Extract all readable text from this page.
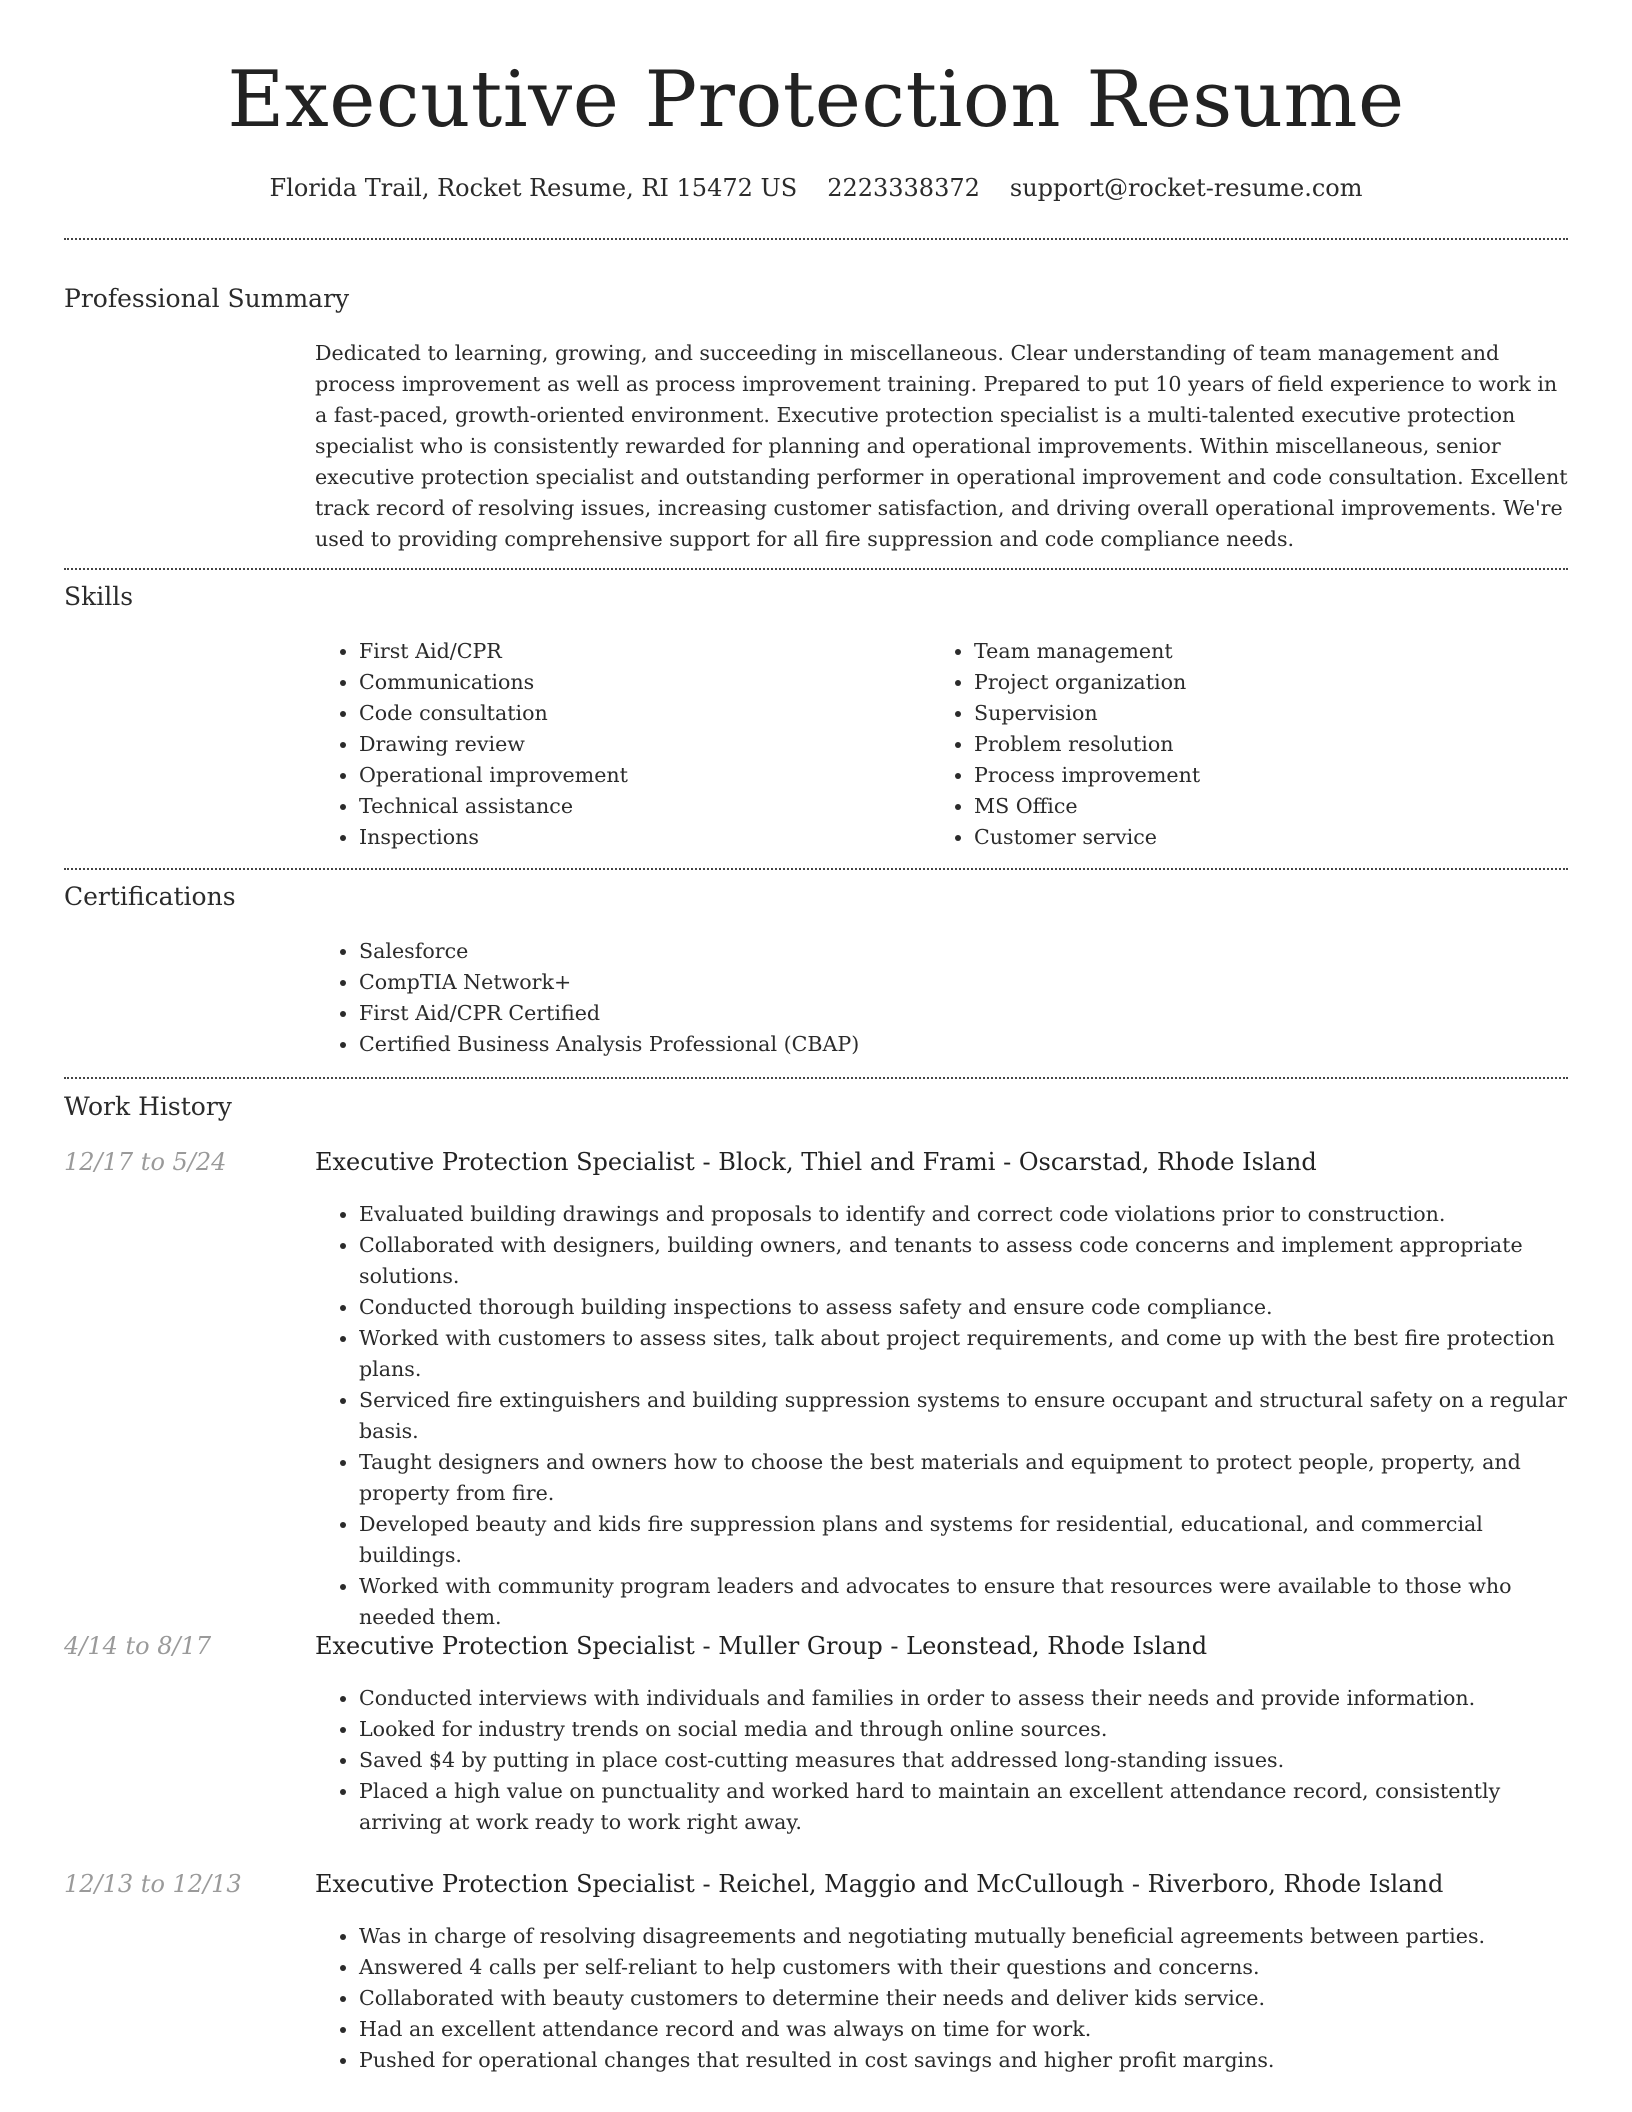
Executive Protection Resume
Florida Trail, Rocket Resume, RI 15472 US 2223338372 support@rocket-resume.com
Professional Summary

Dedicated to learning, growing, and succeeding in miscellaneous. Clear understanding of team management and process improvement as well as process improvement training. Prepared to put 10 years of field experience to work in a fast-paced, growth-oriented environment. Executive protection specialist is a multi-talented executive protection specialist who is consistently rewarded for planning and operational improvements. Within miscellaneous, senior executive protection specialist and outstanding performer in operational improvement and code consultation. Excellent track record of resolving issues, increasing customer satisfaction, and driving overall operational improvements. We're used to providing comprehensive support for all fire suppression and code compliance needs.

Skills
• First Aid/CPR
• Communications
• Code consultation
• Drawing review
• Operational improvement
• Technical assistance
• Inspections
• Team management
• Project organization
• Supervision
• Problem resolution
• Process improvement
• MS Office
• Customer service
Certifications
• Salesforce
• CompTIA Network+
• First Aid/CPR Certified
• Certified Business Analysis Professional (CBAP)
Work History
12/17 to 5/24	Executive Protection Specialist - Block, Thiel and Frami - Oscarstad, Rhode Island
• Evaluated building drawings and proposals to identify and correct code violations prior to construction.
• Collaborated with designers, building owners, and tenants to assess code concerns and implement appropriate solutions.
• Conducted thorough building inspections to assess safety and ensure code compliance.
• Worked with customers to assess sites, talk about project requirements, and come up with the best fire protection plans.
• Serviced fire extinguishers and building suppression systems to ensure occupant and structural safety on a regular basis.
• Taught designers and owners how to choose the best materials and equipment to protect people, property, and property from fire.
• Developed beauty and kids fire suppression plans and systems for residential, educational, and commercial buildings.
• Worked with community program leaders and advocates to ensure that resources were available to those who needed them.
4/14 to 8/17	Executive Protection Specialist - Muller Group - Leonstead, Rhode Island
• Conducted interviews with individuals and families in order to assess their needs and provide information.
• Looked for industry trends on social media and through online sources.
• Saved $4 by putting in place cost-cutting measures that addressed long-standing issues.
• Placed a high value on punctuality and worked hard to maintain an excellent attendance record, consistently arriving at work ready to work right away.
12/13 to 12/13	Executive Protection Specialist - Reichel, Maggio and McCullough - Riverboro, Rhode Island
• Was in charge of resolving disagreements and negotiating mutually beneficial agreements between parties.
• Answered 4 calls per self-reliant to help customers with their questions and concerns.
• Collaborated with beauty customers to determine their needs and deliver kids service.
• Had an excellent attendance record and was always on time for work.
• Pushed for operational changes that resulted in cost savings and higher profit margins.
